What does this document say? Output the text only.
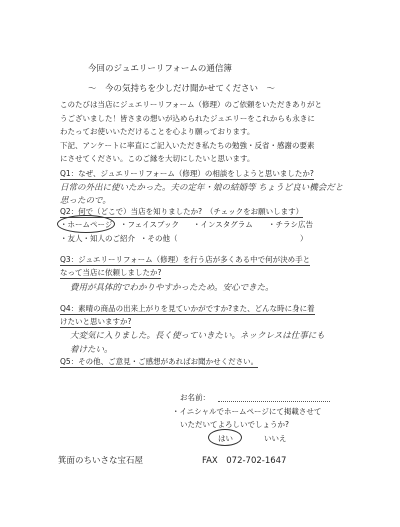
今回のジュエリーリフォームの通信簿
～　今の気持ちを少しだけ聞かせてください　～
このたびは当店にジュエリーリフォーム（修理）のご依頼をいただきありがと
うございました！皆さまの想いが込められたジュエリーをこれからも永きに
わたってお使いいただけることを心より願っております。
下記、アンケートに率直にご記入いただき私たちの勉強・反省・感謝の要素
にさせてください。このご縁を大切にしたいと思います。
Q1：なぜ、ジュエリーリフォーム（修理）の相談をしようと思いましたか?
日常の外出に使いたかった。夫の定年・娘の結婚等 ちょうど良い機会だと
思ったので。
Q2：何で（どこで）当店を知りましたか?　（チェックをお願いします）
・ホームページ ・フェイスブック ・インスタグラム ・チラシ広告
・友人・知人のご紹介 ・その他（	）
Q3：ジュエリーリフォーム（修理）を行う店が多くある中で何が決め手と
なって当店に依頼しましたか?
費用が具体的でわかりやすかったため。安心できた。
Q4：素晴の商品の出来上がりを見ていかがですか?また、どんな時に身に着
けたいと思いますか?
大変気に入りました。長く使っていきたい。ネックレスは仕事にも
着けたい。
Q5：その他、ご意見・ご感想があればお聞かせください。
お名前：
・イニシャルでホームページにて掲載させて
いただいてよろしいでしょうか?
はい	いいえ
箕面のちいさな宝石屋	FAX　072-702-1647
